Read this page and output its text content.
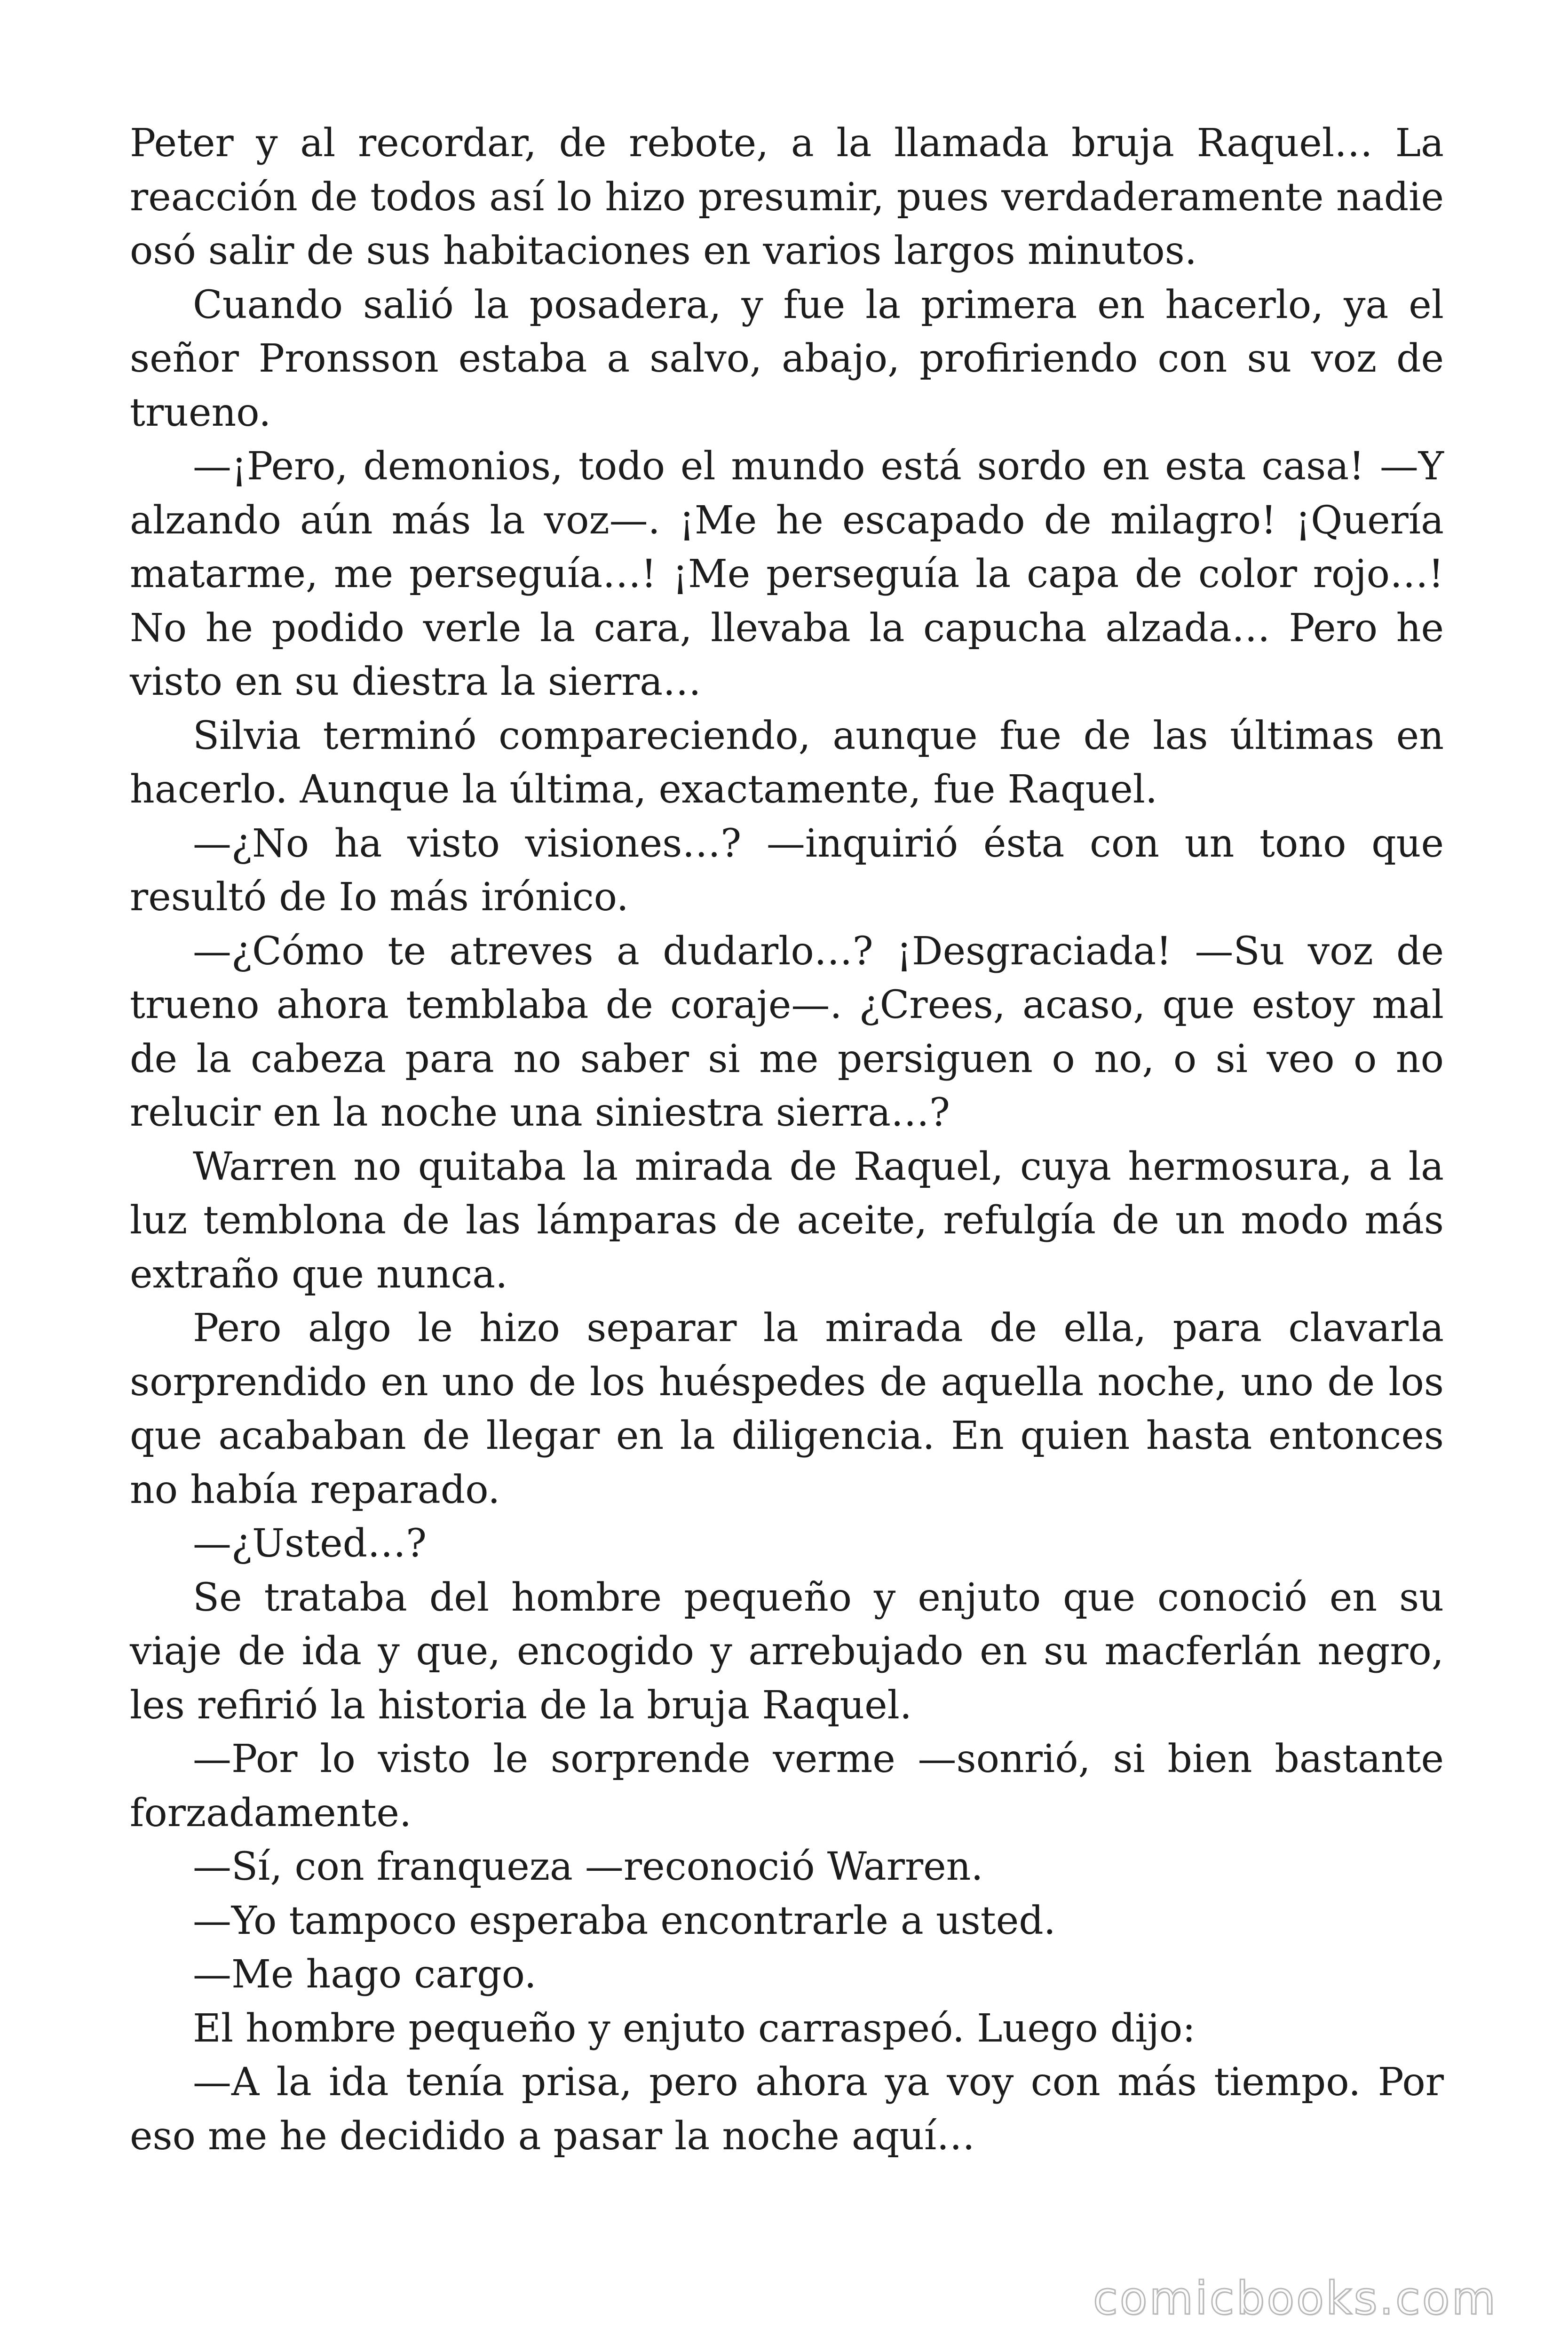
Peter y al recordar, de rebote, a la llamada bruja Raquel… La reacción de todos así lo hizo presumir, pues verdaderamente nadie osó salir de sus habitaciones en varios largos minutos.

Cuando salió la posadera, y fue la primera en hacerlo, ya el señor Pronsson estaba a salvo, abajo, profiriendo con su voz de trueno.

—¡Pero, demonios, todo el mundo está sordo en esta casa! —Y alzando aún más la voz—. ¡Me he escapado de milagro! ¡Quería matarme, me perseguía…! ¡Me perseguía la capa de color rojo…! No he podido verle la cara, llevaba la capucha alzada… Pero he visto en su diestra la sierra…

Silvia terminó compareciendo, aunque fue de las últimas en hacerlo. Aunque la última, exactamente, fue Raquel.

—¿No ha visto visiones…? —inquirió ésta con un tono que resultó de Io más irónico.

—¿Cómo te atreves a dudarlo…? ¡Desgraciada! —Su voz de trueno ahora temblaba de coraje—. ¿Crees, acaso, que estoy mal de la cabeza para no saber si me persiguen o no, o si veo o no relucir en la noche una siniestra sierra…?

Warren no quitaba la mirada de Raquel, cuya hermosura, a la luz temblona de las lámparas de aceite, refulgía de un modo más extraño que nunca.

Pero algo le hizo separar la mirada de ella, para clavarla sorprendido en uno de los huéspedes de aquella noche, uno de los que acababan de llegar en la diligencia. En quien hasta entonces no había reparado.

—¿Usted…?

Se trataba del hombre pequeño y enjuto que conoció en su viaje de ida y que, encogido y arrebujado en su macferlán negro, les refirió la historia de la bruja Raquel.

—Por lo visto le sorprende verme —sonrió, si bien bastante forzadamente.

—Sí, con franqueza —reconoció Warren.

—Yo tampoco esperaba encontrarle a usted.

—Me hago cargo.

El hombre pequeño y enjuto carraspeó. Luego dijo:

—A la ida tenía prisa, pero ahora ya voy con más tiempo. Por eso me he decidido a pasar la noche aquí…

comicbooks.com
